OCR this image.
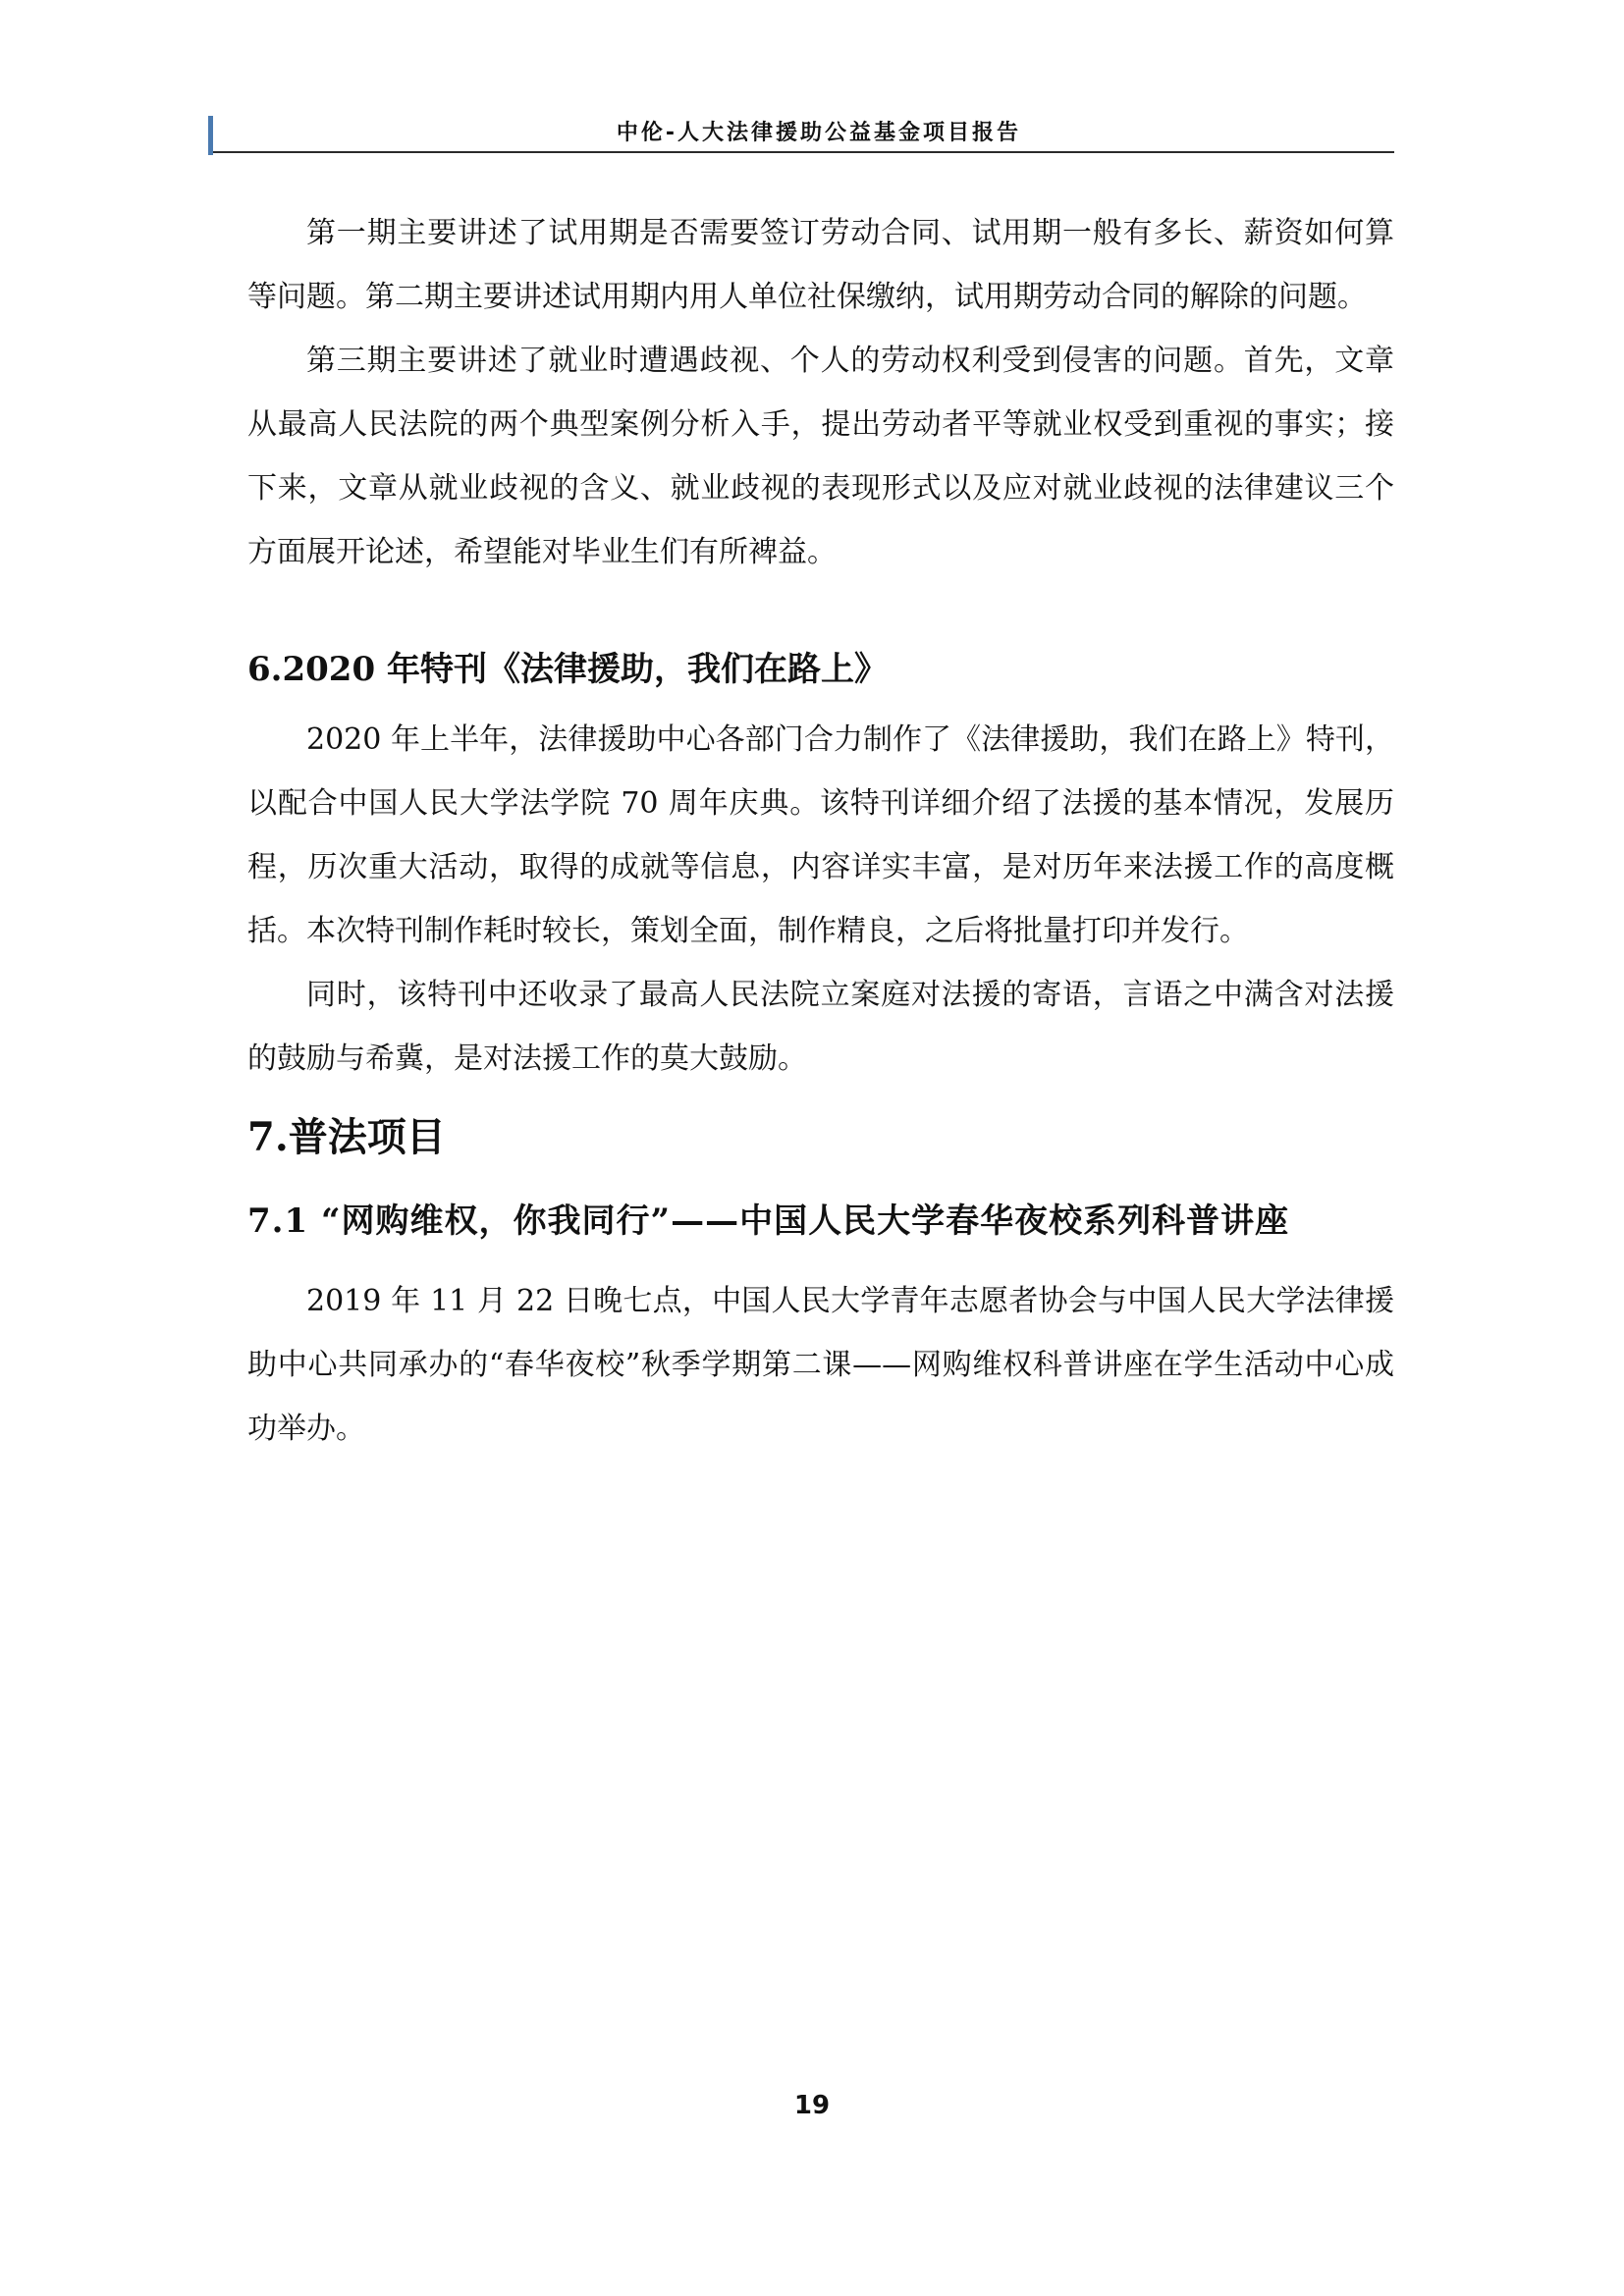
中伦-人大法律援助公益基金项目报告

第一期主要讲述了试用期是否需要签订劳动合同、试用期一般有多长、薪资如何算等问题。第二期主要讲述试用期内用人单位社保缴纳，试用期劳动合同的解除的问题。

第三期主要讲述了就业时遭遇歧视、个人的劳动权利受到侵害的问题。首先，文章从最高人民法院的两个典型案例分析入手，提出劳动者平等就业权受到重视的事实；接下来，文章从就业歧视的含义、就业歧视的表现形式以及应对就业歧视的法律建议三个方面展开论述，希望能对毕业生们有所裨益。

6.2020 年特刊《法律援助，我们在路上》

2020 年上半年，法律援助中心各部门合力制作了《法律援助，我们在路上》特刊，以配合中国人民大学法学院 70 周年庆典。该特刊详细介绍了法援的基本情况，发展历程，历次重大活动，取得的成就等信息，内容详实丰富，是对历年来法援工作的高度概括。本次特刊制作耗时较长，策划全面，制作精良，之后将批量打印并发行。

同时，该特刊中还收录了最高人民法院立案庭对法援的寄语，言语之中满含对法援的鼓励与希冀，是对法援工作的莫大鼓励。

7.普法项目
7.1 “网购维权，你我同行”——中国人民大学春华夜校系列科普讲座

2019 年 11 月 22 日晚七点，中国人民大学青年志愿者协会与中国人民大学法律援助中心共同承办的“春华夜校”秋季学期第二课——网购维权科普讲座在学生活动中心成功举办。

19
